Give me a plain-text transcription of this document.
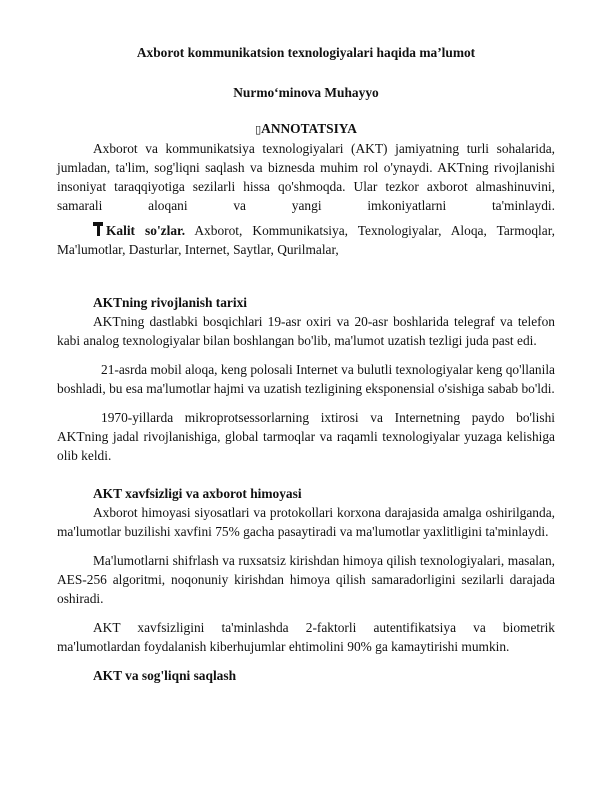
Axborot kommunikatsion texnologiyalari haqida ma’lumot
Nurmo‘minova Muhayyo
▯ANNOTATSIYA

Axborot va kommunikatsiya texnologiyalari (AKT) jamiyatning turli sohalarida, jumladan, ta'lim, sog'liqni saqlash va biznesda muhim rol o'ynaydi. AKTning rivojlanishi insoniyat taraqqiyotiga sezilarli hissa qo'shmoqda. Ular tezkor axborot almashinuvini, samarali aloqani va yangi imkoniyatlarni ta'minlaydi.

Kalit so'zlar. Axborot, Kommunikatsiya, Texnologiyalar, Aloqa, Tarmoqlar, Ma'lumotlar, Dasturlar, Internet, Saytlar, Qurilmalar,

AKTning rivojlanish tarixi

AKTning dastlabki bosqichlari 19-asr oxiri va 20-asr boshlarida telegraf va telefon kabi analog texnologiyalar bilan boshlangan bo'lib, ma'lumot uzatish tezligi juda past edi.

21-asrda mobil aloqa, keng polosali Internet va bulutli texnologiyalar keng qo'llanila boshladi, bu esa ma'lumotlar hajmi va uzatish tezligining eksponensial o'sishiga sabab bo'ldi.

1970-yillarda mikroprotsessorlarning ixtirosi va Internetning paydo bo'lishi AKTning jadal rivojlanishiga, global tarmoqlar va raqamli texnologiyalar yuzaga kelishiga olib keldi.

AKT xavfsizligi va axborot himoyasi

Axborot himoyasi siyosatlari va protokollari korxona darajasida amalga oshirilganda, ma'lumotlar buzilishi xavfini 75% gacha pasaytiradi va ma'lumotlar yaxlitligini ta'minlaydi.

Ma'lumotlarni shifrlash va ruxsatsiz kirishdan himoya qilish texnologiyalari, masalan, AES-256 algoritmi, noqonuniy kirishdan himoya qilish samaradorligini sezilarli darajada oshiradi.

AKT xavfsizligini ta'minlashda 2-faktorli autentifikatsiya va biometrik ma'lumotlardan foydalanish kiberhujumlar ehtimolini 90% ga kamaytirishi mumkin.

AKT va sog'liqni saqlash
